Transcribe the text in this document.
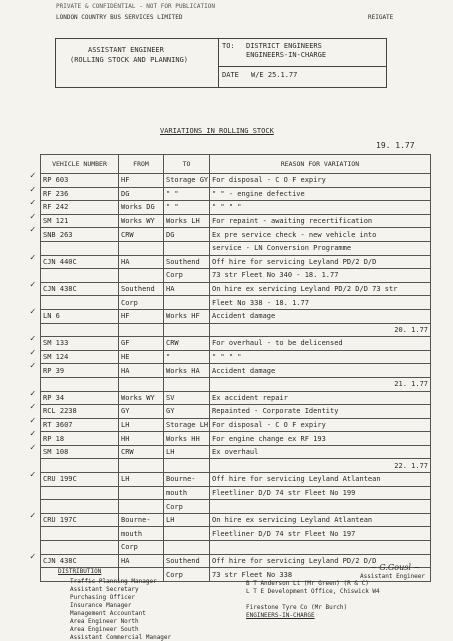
PRIVATE & CONFIDENTIAL - NOT FOR PUBLICATION
LONDON COUNTRY BUS SERVICES LIMITED	REIGATE
ASSISTANT ENGINEER
(ROLLING STOCK AND PLANNING)
TO: DISTRICT ENGINEERS
ENGINEERS-IN-CHARGE
DATE W/E 25.1.77
VARIATIONS IN ROLLING STOCK
19. 1.77
VEHICLE NUMBER	FROM	TO	REASON FOR VARIATION
RP 603	HF	Storage GY	For disposal - C O F expiry
RF 236	DG	" "	" " - engine defective
RF 242	Works DG	" "	" " " "
SM 121	Works WY	Works LH	For repaint - awaiting recertification
SNB 263	CRW	DG	Ex pre service check - new vehicle into
			service - LN Conversion Programme
CJN 440C	HA	Southend	Off hire for servicing Leyland PD/2 D/D
		Corp	73 str Fleet No 340 - 18. 1.77
CJN 438C	Southend	HA	On hire ex servicing Leyland PD/2 D/D 73 str
	Corp		Fleet No 338 - 18. 1.77
LN 6	HF	Works HF	Accident damage
			20. 1.77
SM 133	GF	CRW	For overhaul - to be delicensed
SM 124	HE	"	" " " "
RP 39	HA	Works HA	Accident damage
			21. 1.77
RP 34	Works WY	SV	Ex accident repair
RCL 2238	GY	GY	Repainted - Corporate Identity
RT 3607	LH	Storage LH	For disposal - C O F expiry
RP 18	HH	Works HH	For engine change ex RF 193
SM 108	CRW	LH	Ex overhaul
			22. 1.77
CRU 199C	LH	Bourne-	Off hire for servicing Leyland Atlantean
		mouth	Fleetliner D/D 74 str Fleet No 199
		Corp	
CRU 197C	Bourne-	LH	On hire ex servicing Leyland Atlantean
	mouth		Fleetliner D/D 74 str Fleet No 197
	Corp		
CJN 438C	HA	Southend	Off hire for servicing Leyland PD/2 D/D
		Corp	73 str Fleet No 338
✓
✓
✓
✓
✓
✓
✓
✓
✓
✓
✓
✓
✓
✓
✓
✓
✓
✓
✓
DISTRIBUTION
Traffic Planning Manager
Assistant Secretary
Purchasing Officer
Insurance Manager
Management Accountant
Area Engineer North
Area Engineer South
Assistant Commercial Manager
B T Anderson Lt (Mr Green) (R & C)
L T E Development Office, Chiswick W4
Firestone Tyre Co (Mr Burch)
ENGINEERS-IN-CHARGE
~ G.Gousl ~
Assistant Engineer
